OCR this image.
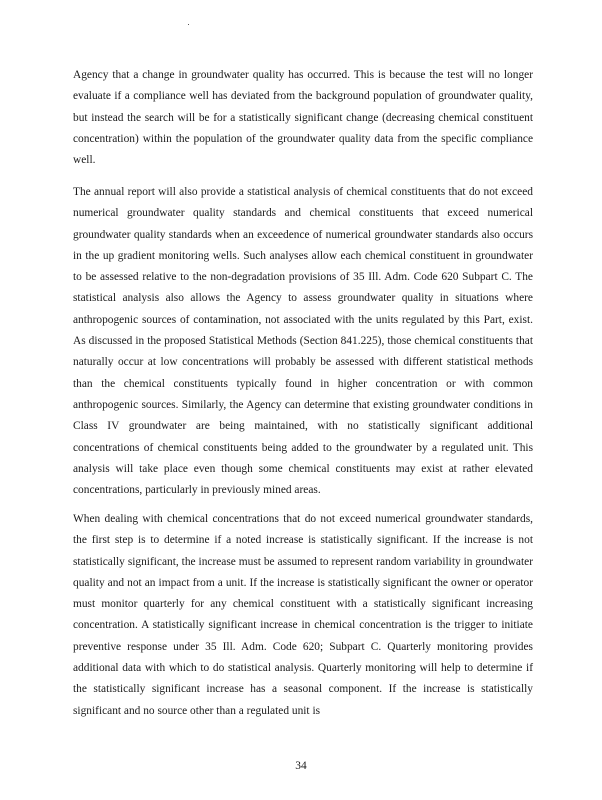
Agency that a change in groundwater quality has occurred. This is because the test will no longer evaluate if a compliance well has deviated from the background population of groundwater quality, but instead the search will be for a statistically significant change (decreasing chemical constituent concentration) within the population of the groundwater quality data from the specific compliance well.

The annual report will also provide a statistical analysis of chemical constituents that do not exceed numerical groundwater quality standards and chemical constituents that exceed numerical groundwater quality standards when an exceedence of numerical groundwater standards also occurs in the up gradient monitoring wells. Such analyses allow each chemical constituent in groundwater to be assessed relative to the non-degradation provisions of 35 Ill. Adm. Code 620 Subpart C. The statistical analysis also allows the Agency to assess groundwater quality in situations where anthropogenic sources of contamination, not associated with the units regulated by this Part, exist. As discussed in the proposed Statistical Methods (Section 841.225), those chemical constituents that naturally occur at low concentrations will probably be assessed with different statistical methods than the chemical constituents typically found in higher concentration or with common anthropogenic sources. Similarly, the Agency can determine that existing groundwater conditions in Class IV groundwater are being maintained, with no statistically significant additional concentrations of chemical constituents being added to the groundwater by a regulated unit. This analysis will take place even though some chemical constituents may exist at rather elevated concentrations, particularly in previously mined areas.

When dealing with chemical concentrations that do not exceed numerical groundwater standards, the first step is to determine if a noted increase is statistically significant. If the increase is not statistically significant, the increase must be assumed to represent random variability in groundwater quality and not an impact from a unit. If the increase is statistically significant the owner or operator must monitor quarterly for any chemical constituent with a statistically significant increasing concentration. A statistically significant increase in chemical concentration is the trigger to initiate preventive response under 35 Ill. Adm. Code 620; Subpart C. Quarterly monitoring provides additional data with which to do statistical analysis. Quarterly monitoring will help to determine if the statistically significant increase has a seasonal component. If the increase is statistically significant and no source other than a regulated unit is

34
